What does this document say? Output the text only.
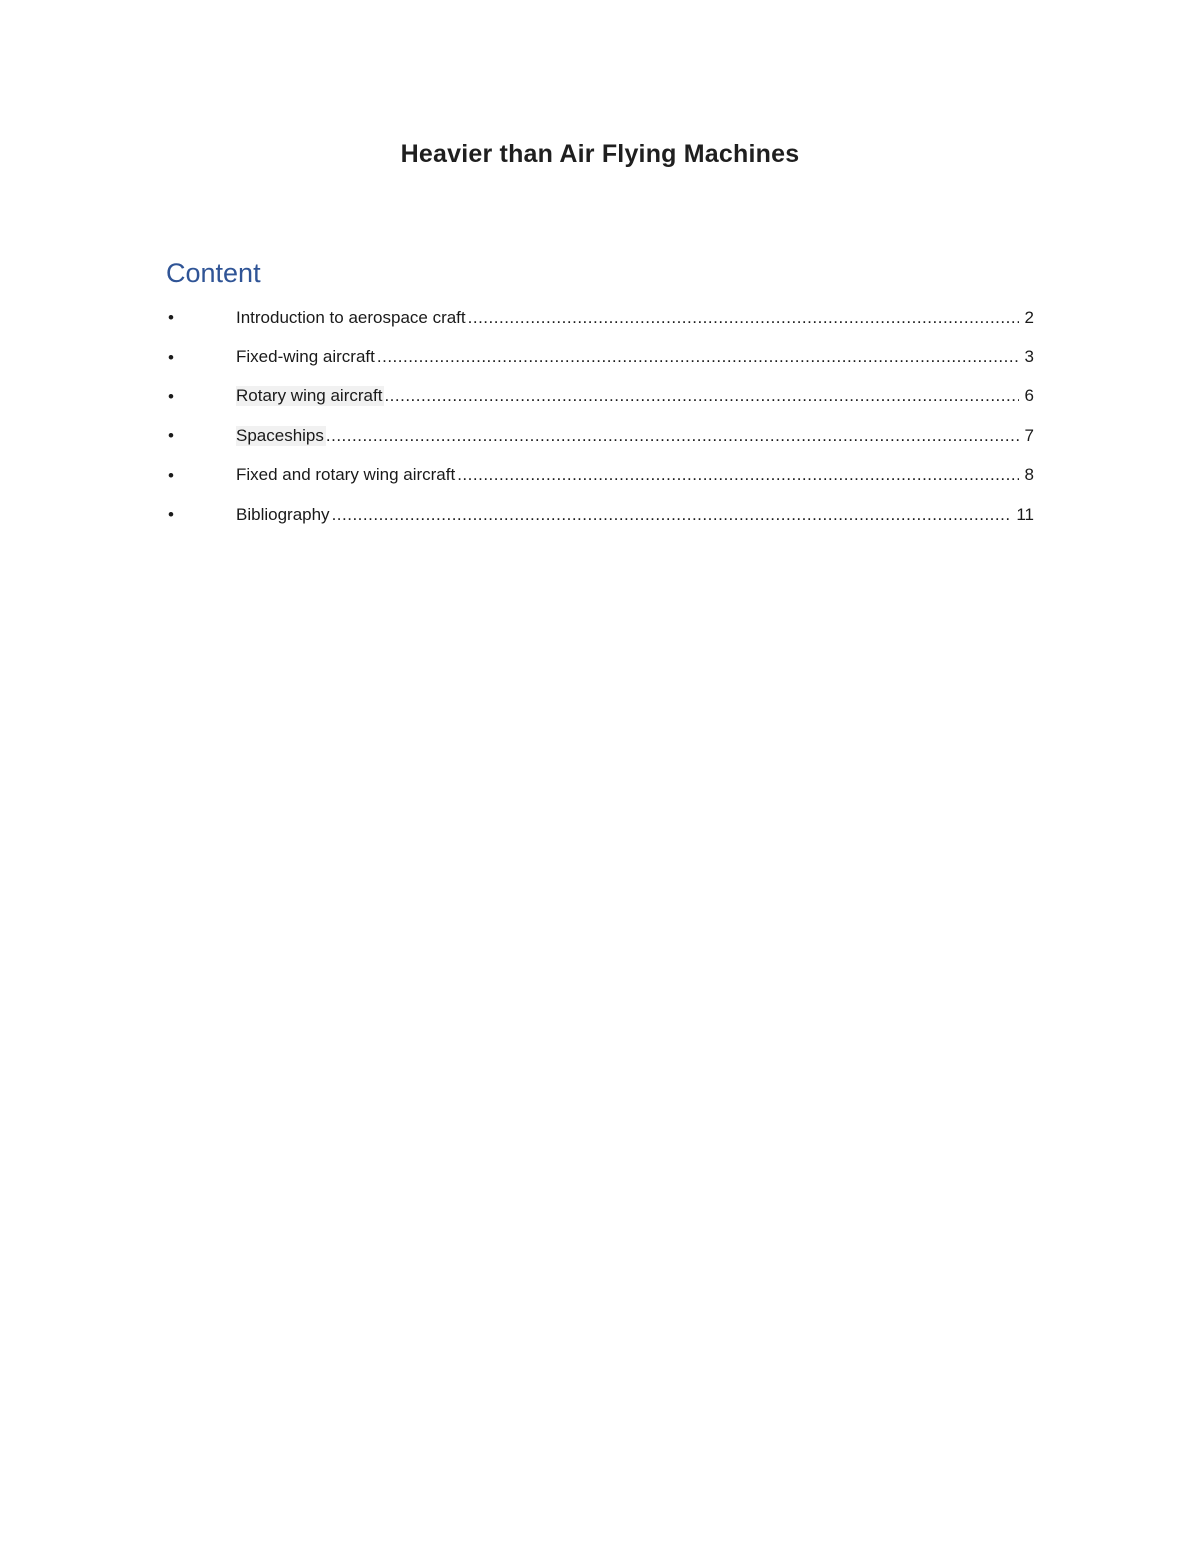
Heavier than Air Flying Machines
Content
•	Introduction to aerospace craft .....	2
•	Fixed-wing aircraft .....	3
•	Rotary wing aircraft .....	6
•	Spaceships .....	7
•	Fixed and rotary wing aircraft .....	8
•	Bibliography .....	11
